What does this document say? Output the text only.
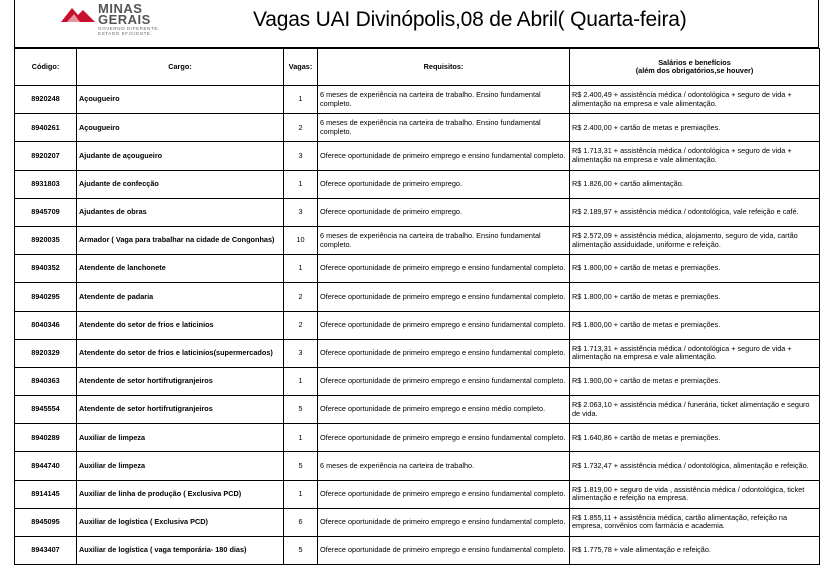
MINAS
GERAIS
GOVERNO DIFERENTE.
ESTADO EFICIENTE.
Vagas UAI Divinópolis,08 de Abril( Quarta-feira)
Código:	Cargo:	Vagas:	Requisitos:	Salários e benefícios
(além dos obrigatórios,se houver)

8920248	Açougueiro	1	6 meses de experiência na carteira de trabalho. Ensino fundamental completo.	R$ 2.400,49 + assistência médica / odontológica + seguro de vida + alimentação na empresa e vale alimentação.
8940261	Açougueiro	2	6 meses de experiência na carteira de trabalho. Ensino fundamental completo.	R$ 2.400,00 + cartão de metas e premiações.
8920207	Ajudante de açougueiro	3	Oferece oportunidade de primeiro emprego e ensino fundamental completo.	R$ 1.713,31 + assistência médica / odontológica + seguro de vida + alimentação na empresa e vale alimentação.
8931803	Ajudante de confecção	1	Oferece oportunidade de primeiro emprego.	R$ 1.826,00 + cartão alimentação.
8945709	Ajudantes de obras	3	Oferece oportunidade de primeiro emprego.	R$ 2.189,97 + assistência médica / odontológica, vale refeição e café.
8920035	Armador ( Vaga para trabalhar na cidade de Congonhas)	10	6 meses de experiência na carteira de trabalho. Ensino fundamental completo.	R$ 2.572,09 + assistência médica, alojamento, seguro de vida, cartão alimentação assiduidade, uniforme e refeição.
8940352	Atendente de lanchonete	1	Oferece oportunidade de primeiro emprego e ensino fundamental completo.	R$ 1.800,00 + cartão de metas e premiações.
8940295	Atendente de padaria	2	Oferece oportunidade de primeiro emprego e ensino fundamental completo.	R$ 1.800,00 + cartão de metas e premiações.
8040346	Atendente do setor de frios e laticinios	2	Oferece oportunidade de primeiro emprego e ensino fundamental completo.	R$ 1.800,00 + cartão de metas e premiações.
8920329	Atendente do setor de frios e laticinios(supermercados)	3	Oferece oportunidade de primeiro emprego e ensino fundamental completo.	R$ 1.713,31 + assistência médica / odontológica + seguro de vida + alimentação na empresa e vale alimentação.
8940363	Atendente de setor hortifrutigranjeiros	1	Oferece oportunidade de primeiro emprego e ensino fundamental completo.	R$ 1.900,00 + cartão de metas e premiações.
8945554	Atendente de setor hortifrutigranjeiros	5	Oferece oportunidade de primeiro emprego e ensino médio completo.	R$ 2.063,10 + assistência médica / funerária, ticket alimentação e seguro de vida.
8940289	Auxiliar de limpeza	1	Oferece oportunidade de primeiro emprego e ensino fundamental completo.	R$ 1.640,86 + cartão de metas e premiações.
8944740	Auxiliar de limpeza	5	6 meses de experiência na carteira de trabalho.	R$ 1.732,47 + assistência médica / odontológica, alimentação e refeição.
8914145	Auxiliar de linha de produção ( Exclusiva PCD)	1	Oferece oportunidade de primeiro emprego e ensino fundamental completo.	R$ 1.819,00 + seguro de vida , assistência médica / odontológica, ticket alimentação e refeição na empresa.
8945095	Auxiliar de logística ( Exclusiva PCD)	6	Oferece oportunidade de primeiro emprego e ensino fundamental completo.	R$ 1.855,11 + assistência médica, cartão alimentação, refeição na empresa, convênios com farmácia e academia.
8943407	Auxiliar de logística ( vaga temporária- 180 dias)	5	Oferece oportunidade de primeiro emprego e ensino fundamental completo.	R$ 1.775,78 + vale alimentação e refeição.
